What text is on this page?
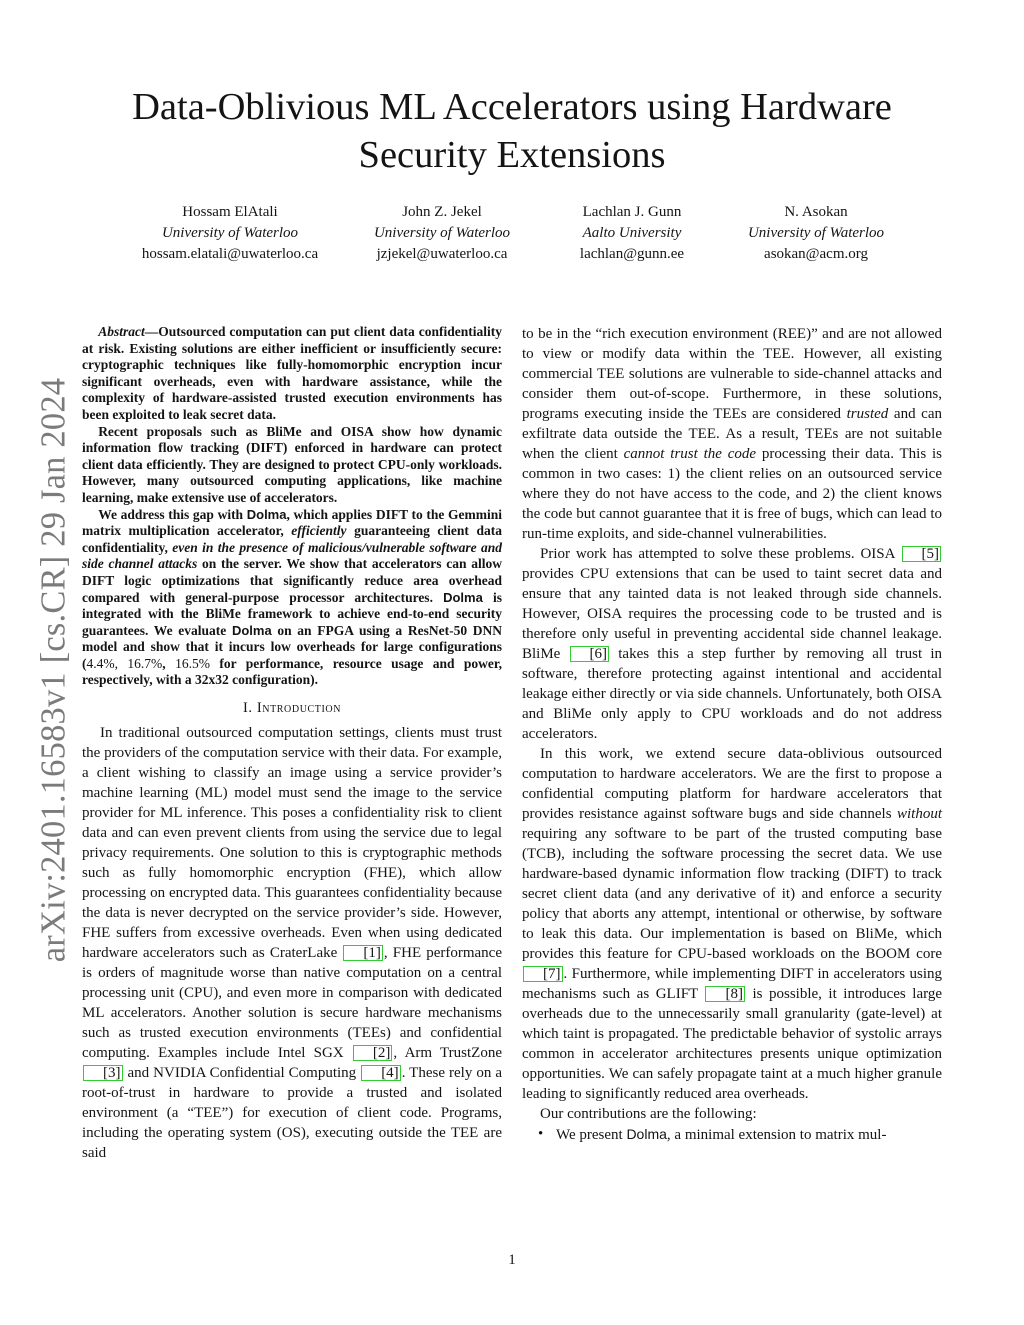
arXiv:2401.16583v1 [cs.CR] 29 Jan 2024
Data-Oblivious ML Accelerators using Hardware
Security Extensions
Hossam ElAtali
University of Waterloo
hossam.elatali@uwaterloo.ca
John Z. Jekel
University of Waterloo
jzjekel@uwaterloo.ca
Lachlan J. Gunn
Aalto University
lachlan@gunn.ee
N. Asokan
University of Waterloo
asokan@acm.org

Abstract—Outsourced computation can put client data confidentiality at risk. Existing solutions are either inefficient or insufficiently secure: cryptographic techniques like fully-homomorphic encryption incur significant overheads, even with hardware assistance, while the complexity of hardware-assisted trusted execution environments has been exploited to leak secret data.

Recent proposals such as BliMe and OISA show how dynamic information flow tracking (DIFT) enforced in hardware can protect client data efficiently. They are designed to protect CPU-only workloads. However, many outsourced computing applications, like machine learning, make extensive use of accelerators.

We address this gap with Dolma, which applies DIFT to the Gemmini matrix multiplication accelerator, efficiently guaranteeing client data confidentiality, even in the presence of malicious/vulnerable software and side channel attacks on the server. We show that accelerators can allow DIFT logic optimizations that significantly reduce area overhead compared with general-purpose processor architectures. Dolma is integrated with the BliMe framework to achieve end-to-end security guarantees. We evaluate Dolma on an FPGA using a ResNet-50 DNN model and show that it incurs low overheads for large configurations (4.4%, 16.7%, 16.5% for performance, resource usage and power, respectively, with a 32x32 configuration).

I. Introduction

In traditional outsourced computation settings, clients must trust the providers of the computation service with their data. For example, a client wishing to classify an image using a service provider’s machine learning (ML) model must send the image to the service provider for ML inference. This poses a confidentiality risk to client data and can even prevent clients from using the service due to legal privacy requirements. One solution to this is cryptographic methods such as fully homomorphic encryption (FHE), which allow processing on encrypted data. This guarantees confidentiality because the data is never decrypted on the service provider’s side. However, FHE suffers from excessive overheads. Even when using dedicated hardware accelerators such as CraterLake [1] , FHE performance is orders of magnitude worse than native computation on a central processing unit (CPU), and even more in comparison with dedicated ML accelerators. Another solution is secure hardware mechanisms such as trusted execution environments (TEEs) and confidential computing. Examples include Intel SGX [2] , Arm TrustZone [3] and NVIDIA Confidential Computing [4] . These rely on a root-of-trust in hardware to provide a trusted and isolated environment (a “TEE”) for execution of client code. Programs, including the operating system (OS), executing outside the TEE are said

to be in the “rich execution environment (REE)” and are not allowed to view or modify data within the TEE. However, all existing commercial TEE solutions are vulnerable to side-channel attacks and consider them out-of-scope. Furthermore, in these solutions, programs executing inside the TEEs are considered trusted and can exfiltrate data outside the TEE. As a result, TEEs are not suitable when the client cannot trust the code processing their data. This is common in two cases: 1) the client relies on an outsourced service where they do not have access to the code, and 2) the client knows the code but cannot guarantee that it is free of bugs, which can lead to run-time exploits, and side-channel vulnerabilities.

Prior work has attempted to solve these problems. OISA [5] provides CPU extensions that can be used to taint secret data and ensure that any tainted data is not leaked through side channels. However, OISA requires the processing code to be trusted and is therefore only useful in preventing accidental side channel leakage. BliMe [6] takes this a step further by removing all trust in software, therefore protecting against intentional and accidental leakage either directly or via side channels. Unfortunately, both OISA and BliMe only apply to CPU workloads and do not address accelerators.

In this work, we extend secure data-oblivious outsourced computation to hardware accelerators. We are the first to propose a confidential computing platform for hardware accelerators that provides resistance against software bugs and side channels without requiring any software to be part of the trusted computing base (TCB), including the software processing the secret data. We use hardware-based dynamic information flow tracking (DIFT) to track secret client data (and any derivative of it) and enforce a security policy that aborts any attempt, intentional or otherwise, by software to leak this data. Our implementation is based on BliMe, which provides this feature for CPU-based workloads on the BOOM core [7] . Furthermore, while implementing DIFT in accelerators using mechanisms such as GLIFT [8] is possible, it introduces large overheads due to the unnecessarily small granularity (gate-level) at which taint is propagated. The predictable behavior of systolic arrays common in accelerator architectures presents unique optimization opportunities. We can safely propagate taint at a much higher granule leading to significantly reduced area overheads.

Our contributions are the following:

• We present Dolma, a minimal extension to matrix mul-
1
